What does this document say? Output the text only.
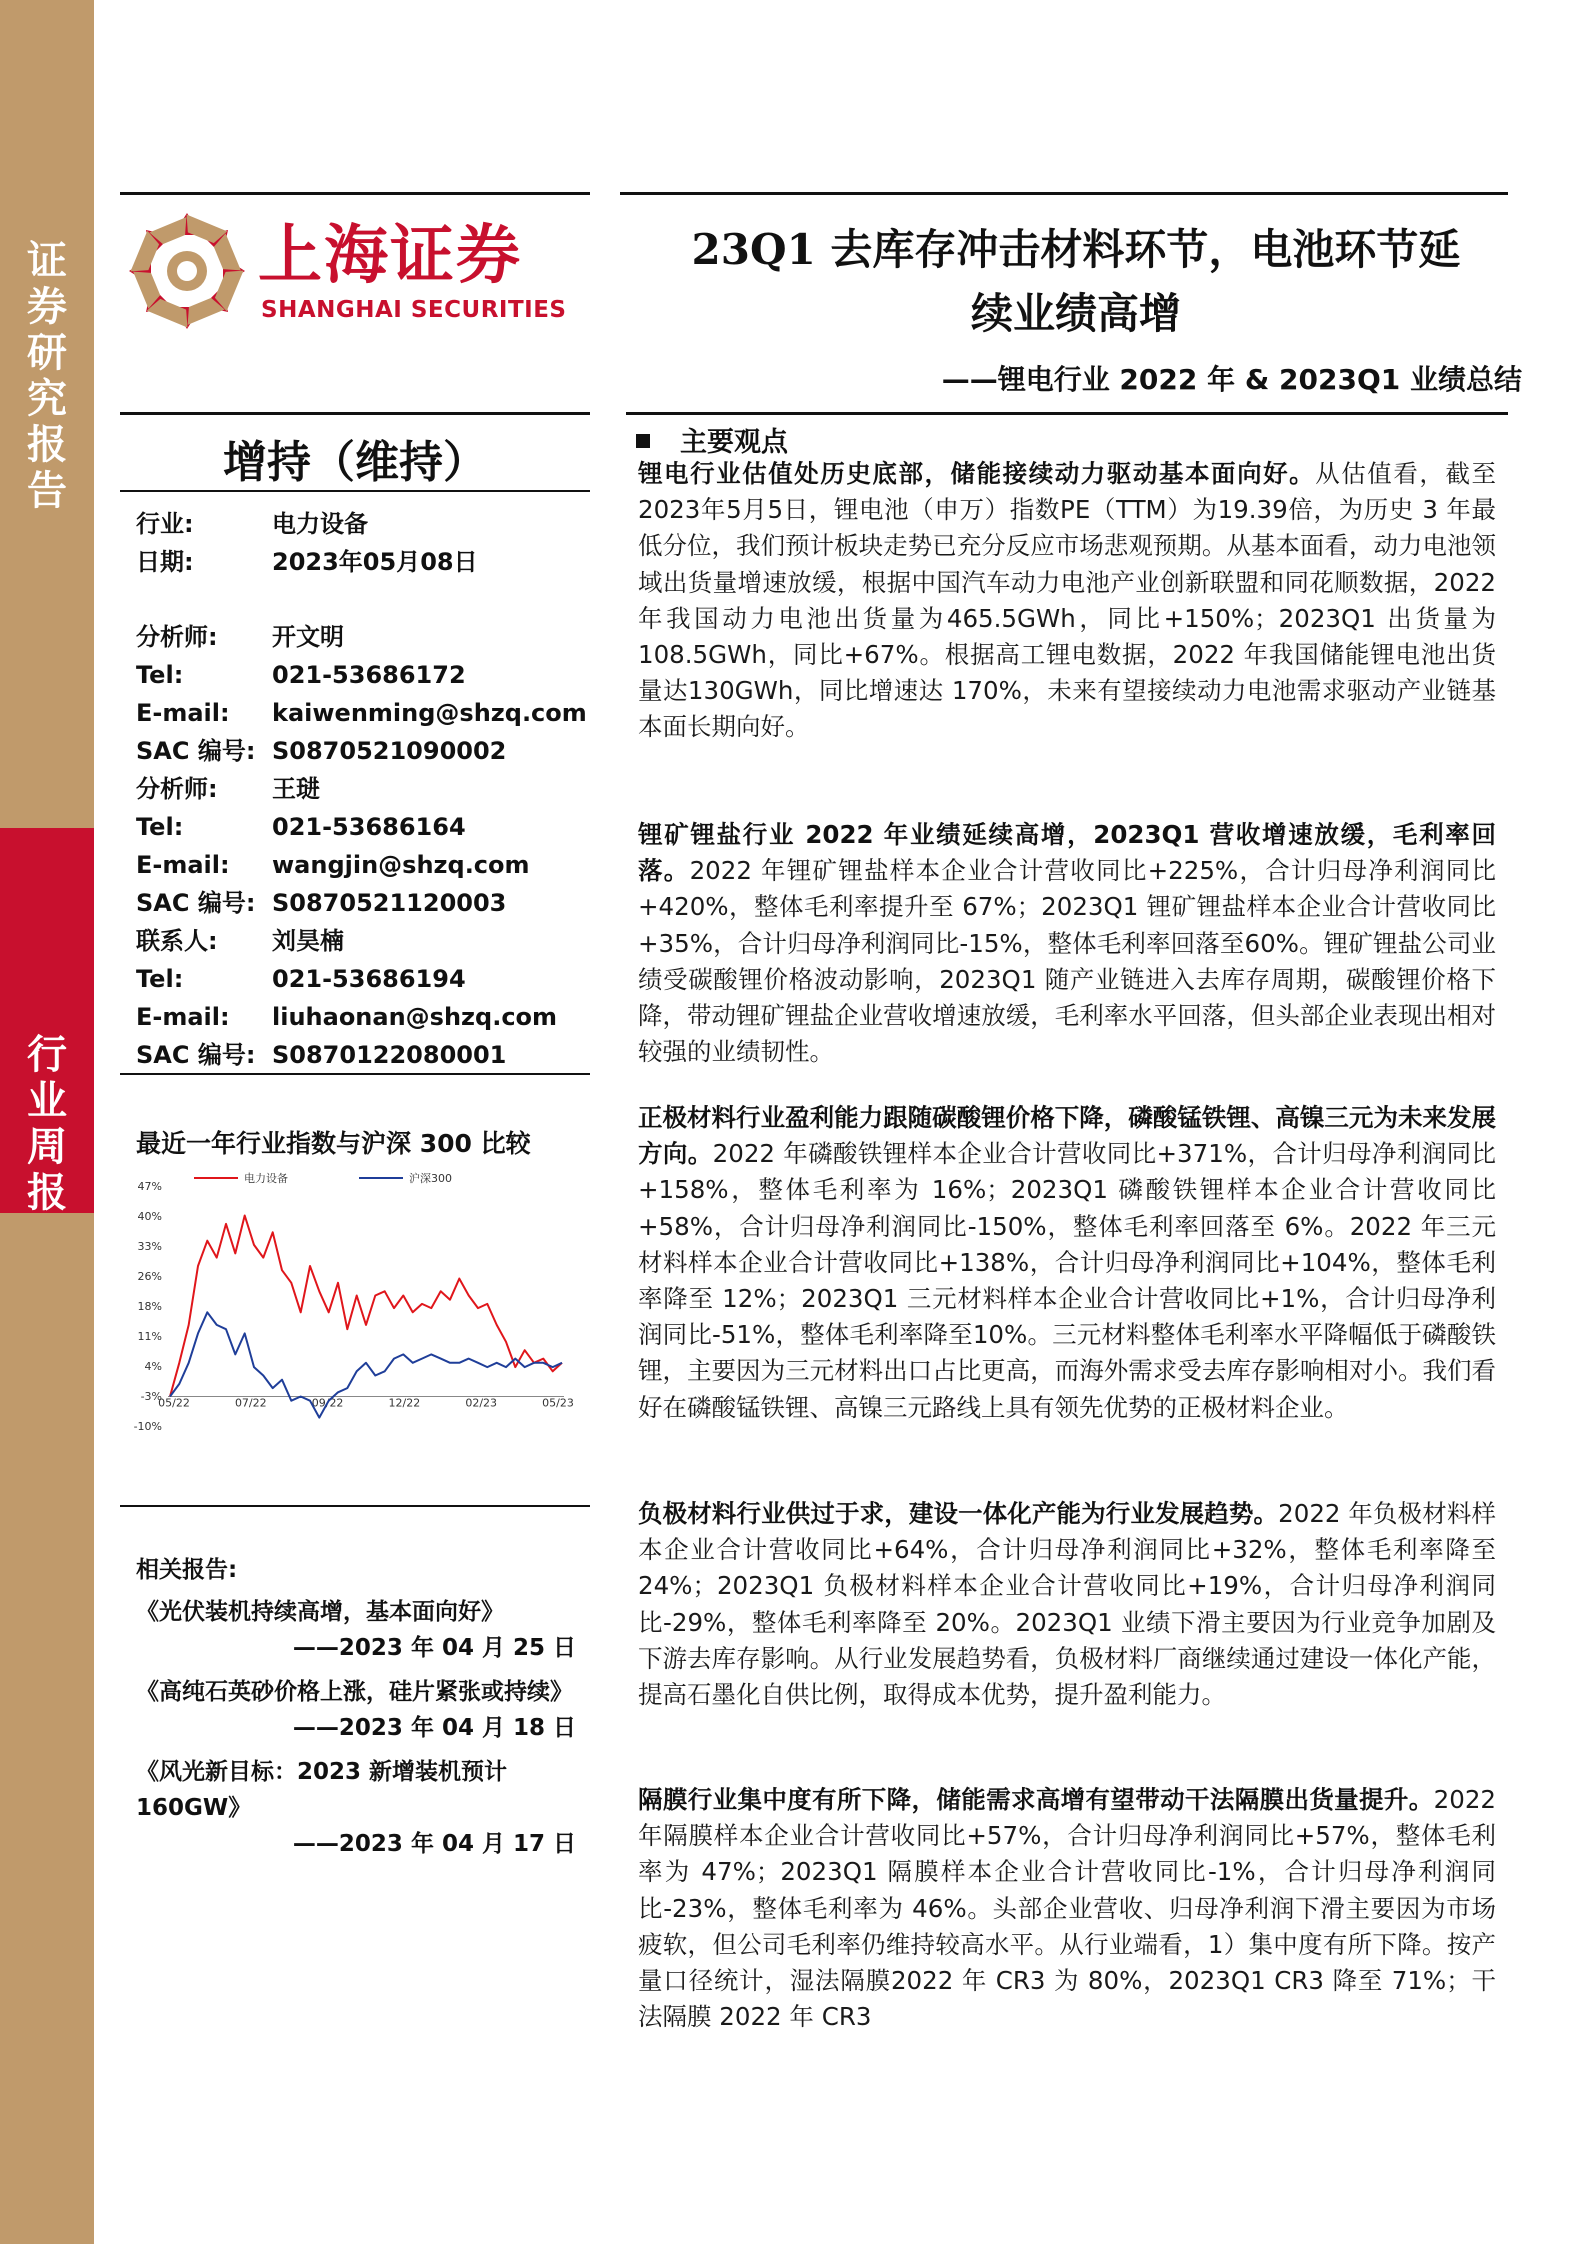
证
券
研
究
报
告
行
业
周
报
上海证券
SHANGHAI SECURITIES
23Q1 去库存冲击材料环节，电池环节延
续业绩高增
——锂电行业 2022 年 & 2023Q1 业绩总结
增持（维持）
行业:	电力设备
日期:	2023年05月08日
分析师: 开文明
Tel:	021-53686172
E-mail: kaiwenming@shzq.com
SAC 编号: S0870521090002
分析师: 王琎
Tel:	021-53686164
E-mail: wangjin@shzq.com
SAC 编号: S0870521120003
联系人: 刘昊楠
Tel:	021-53686194
E-mail: liuhaonan@shzq.com
SAC 编号: S0870122080001
最近一年行业指数与沪深 300 比较
47%
40%
33%
26%
18%
11%
4%
-3%
-10%
05/22	07/22	09/22	12/22	02/23	05/23
电力设备	沪深300
相关报告:
《光伏装机持续高增，基本面向好》
——2023 年 04 月 25 日
《高纯石英砂价格上涨，硅片紧张或持续》
——2023 年 04 月 18 日
《风光新目标：2023 新增装机预计160GW》
——2023 年 04 月 17 日
主要观点
锂电行业估值处历史底部，储能接续动力驱动基本面向好。从估值看，截至2023年5月5日，锂电池（申万）指数PE（TTM）为19.39倍，为历史 3 年最低分位，我们预计板块走势已充分反应市场悲观预期。从基本面看，动力电池领域出货量增速放缓，根据中国汽车动力电池产业创新联盟和同花顺数据，2022 年我国动力电池出货量为465.5GWh，同比+150%；2023Q1 出货量为 108.5GWh，同比+67%。根据高工锂电数据，2022 年我国储能锂电池出货量达130GWh，同比增速达 170%，未来有望接续动力电池需求驱动产业链基本面长期向好。
锂矿锂盐行业 2022 年业绩延续高增，2023Q1 营收增速放缓，毛利率回落。2022 年锂矿锂盐样本企业合计营收同比+225%，合计归母净利润同比+420%，整体毛利率提升至 67%；2023Q1 锂矿锂盐样本企业合计营收同比+35%，合计归母净利润同比-15%，整体毛利率回落至60%。锂矿锂盐公司业绩受碳酸锂价格波动影响，2023Q1 随产业链进入去库存周期，碳酸锂价格下降，带动锂矿锂盐企业营收增速放缓，毛利率水平回落，但头部企业表现出相对较强的业绩韧性。
正极材料行业盈利能力跟随碳酸锂价格下降，磷酸锰铁锂、高镍三元为未来发展方向。2022 年磷酸铁锂样本企业合计营收同比+371%，合计归母净利润同比+158%，整体毛利率为 16%；2023Q1 磷酸铁锂样本企业合计营收同比+58%，合计归母净利润同比-150%，整体毛利率回落至 6%。2022 年三元材料样本企业合计营收同比+138%，合计归母净利润同比+104%，整体毛利率降至 12%；2023Q1 三元材料样本企业合计营收同比+1%，合计归母净利润同比-51%，整体毛利率降至10%。三元材料整体毛利率水平降幅低于磷酸铁锂，主要因为三元材料出口占比更高，而海外需求受去库存影响相对小。我们看好在磷酸锰铁锂、高镍三元路线上具有领先优势的正极材料企业。
负极材料行业供过于求，建设一体化产能为行业发展趋势。2022 年负极材料样本企业合计营收同比+64%，合计归母净利润同比+32%，整体毛利率降至 24%；2023Q1 负极材料样本企业合计营收同比+19%，合计归母净利润同比-29%，整体毛利率降至 20%。2023Q1 业绩下滑主要因为行业竞争加剧及下游去库存影响。从行业发展趋势看，负极材料厂商继续通过建设一体化产能，提高石墨化自供比例，取得成本优势，提升盈利能力。
隔膜行业集中度有所下降，储能需求高增有望带动干法隔膜出货量提升。2022 年隔膜样本企业合计营收同比+57%，合计归母净利润同比+57%，整体毛利率为 47%；2023Q1 隔膜样本企业合计营收同比-1%，合计归母净利润同比-23%，整体毛利率为 46%。头部企业营收、归母净利润下滑主要因为市场疲软，但公司毛利率仍维持较高水平。从行业端看，1）集中度有所下降。按产量口径统计，湿法隔膜2022 年 CR3 为 80%，2023Q1 CR3 降至 71%；干法隔膜 2022 年 CR3
